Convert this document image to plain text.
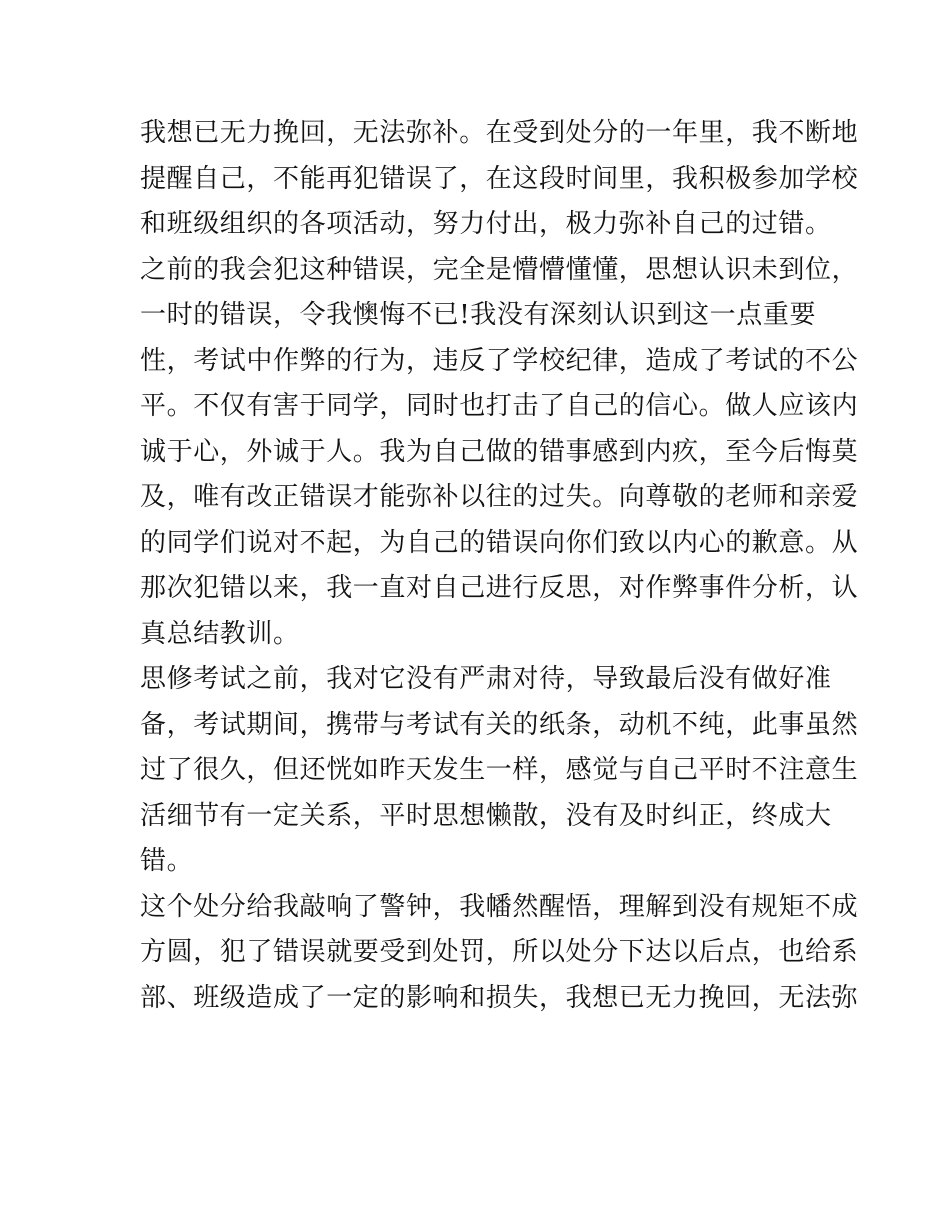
我想已无力挽回，无法弥补。在受到处分的一年里，我不断地
提醒自己，不能再犯错误了，在这段时间里，我积极参加学校
和班级组织的各项活动，努力付出，极力弥补自己的过错。
之前的我会犯这种错误，完全是懵懵懂懂，思想认识未到位，
一时的错误，令我懊悔不已!我没有深刻认识到这一点重要
性，考试中作弊的行为，违反了学校纪律，造成了考试的不公
平。不仅有害于同学，同时也打击了自己的信心。做人应该内
诚于心，外诚于人。我为自己做的错事感到内疚，至今后悔莫
及，唯有改正错误才能弥补以往的过失。向尊敬的老师和亲爱
的同学们说对不起，为自己的错误向你们致以内心的歉意。从
那次犯错以来，我一直对自己进行反思，对作弊事件分析，认
真总结教训。
思修考试之前，我对它没有严肃对待，导致最后没有做好准
备，考试期间，携带与考试有关的纸条，动机不纯，此事虽然
过了很久，但还恍如昨天发生一样，感觉与自己平时不注意生
活细节有一定关系，平时思想懒散，没有及时纠正，终成大
错。
这个处分给我敲响了警钟，我幡然醒悟，理解到没有规矩不成
方圆，犯了错误就要受到处罚，所以处分下达以后点，也给系
部、班级造成了一定的影响和损失，我想已无力挽回，无法弥
